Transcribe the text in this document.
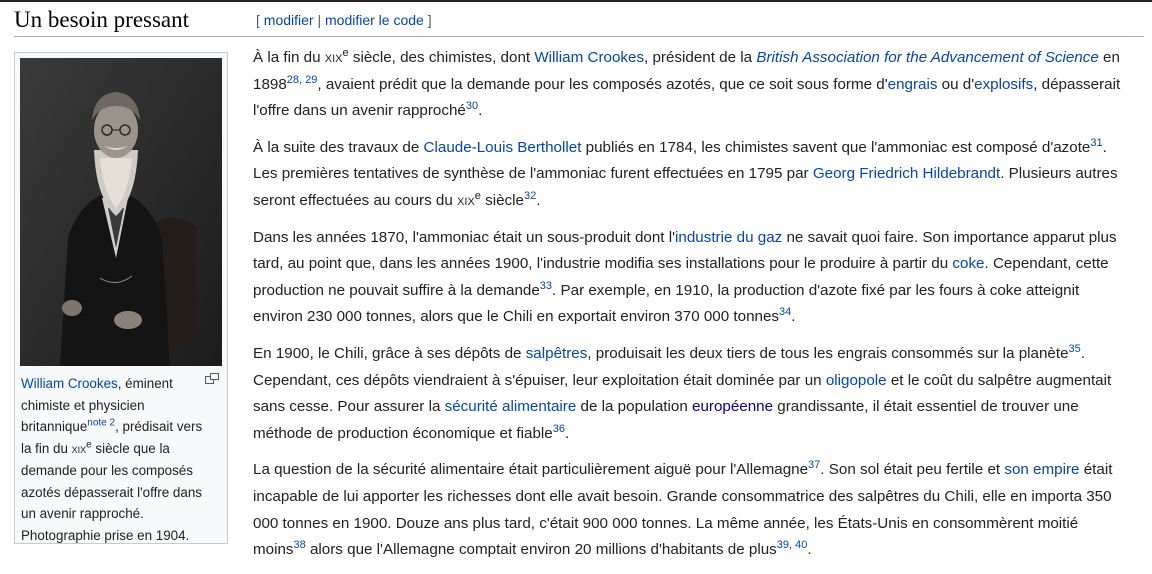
Un besoin pressant	[ modifier | modifier le code ]
William Crookes, éminent chimiste et physicien britannique$^{note 2}$, prédisait vers la fin du xix$^e$ siècle que la demande pour les composés azotés dépasserait l'offre dans un avenir rapproché. Photographie prise en 1904.

À la fin du xix$^e$ siècle, des chimistes, dont William Crookes, président de la British Association for the Advancement of Science en 1898$^{28, 29}$, avaient prédit que la demande pour les composés azotés, que ce soit sous forme d'engrais ou d'explosifs, dépasserait l'offre dans un avenir rapproché$^{30}$.

À la suite des travaux de Claude-Louis Berthollet publiés en 1784, les chimistes savent que l'ammoniac est composé d'azote$^{31}$. Les premières tentatives de synthèse de l'ammoniac furent effectuées en 1795 par Georg Friedrich Hildebrandt. Plusieurs autres seront effectuées au cours du xix$^e$ siècle$^{32}$.

Dans les années 1870, l'ammoniac était un sous-produit dont l'industrie du gaz ne savait quoi faire. Son importance apparut plus tard, au point que, dans les années 1900, l'industrie modifia ses installations pour le produire à partir du coke. Cependant, cette production ne pouvait suffire à la demande$^{33}$. Par exemple, en 1910, la production d'azote fixé par les fours à coke atteignit environ 230 000 tonnes, alors que le Chili en exportait environ 370 000 tonnes$^{34}$.

En 1900, le Chili, grâce à ses dépôts de salpêtres, produisait les deux tiers de tous les engrais consommés sur la planète$^{35}$. Cependant, ces dépôts viendraient à s'épuiser, leur exploitation était dominée par un oligopole et le coût du salpêtre augmentait sans cesse. Pour assurer la sécurité alimentaire de la population européenne grandissante, il était essentiel de trouver une méthode de production économique et fiable$^{36}$.

La question de la sécurité alimentaire était particulièrement aiguë pour l'Allemagne$^{37}$. Son sol était peu fertile et son empire était incapable de lui apporter les richesses dont elle avait besoin. Grande consommatrice des salpêtres du Chili, elle en importa 350 000 tonnes en 1900. Douze ans plus tard, c'était 900 000 tonnes. La même année, les États-Unis en consommèrent moitié moins$^{38}$ alors que l'Allemagne comptait environ 20 millions d'habitants de plus$^{39, 40}$.
